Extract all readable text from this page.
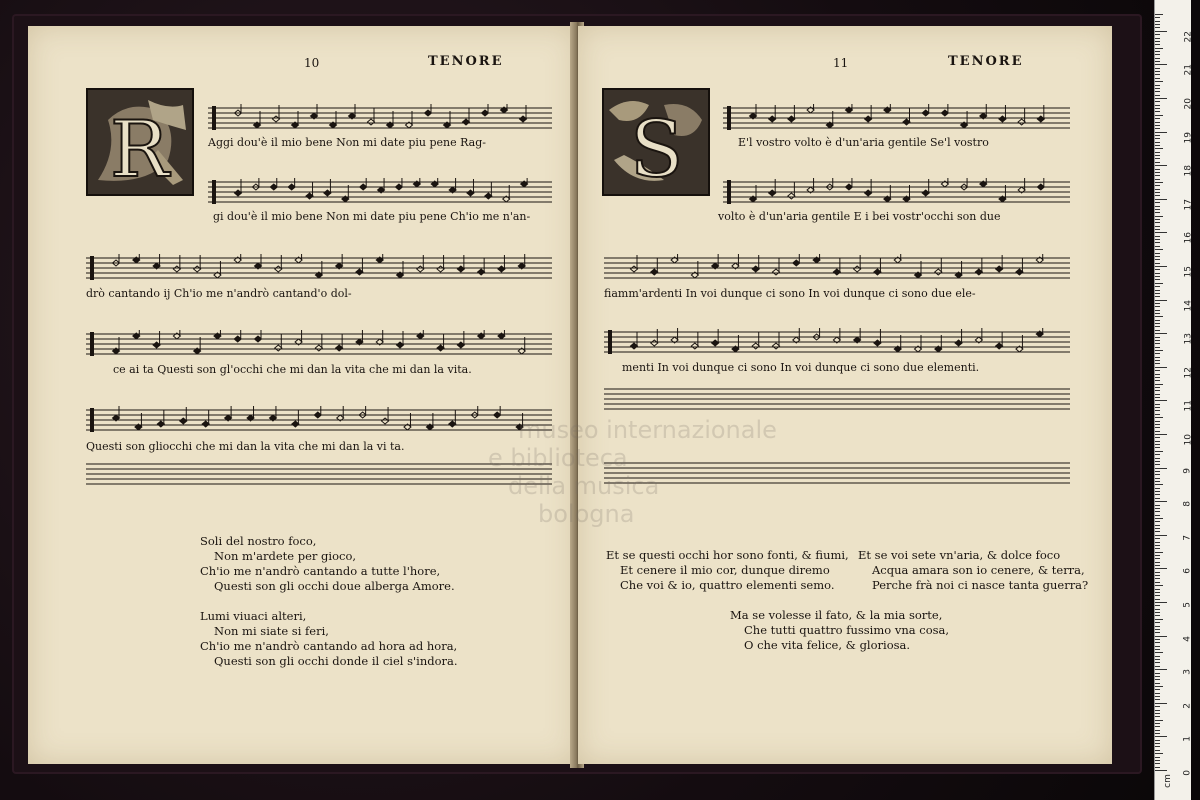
10	TENORE
R	Aggi dou'è il mio bene Non mi date piu pene Rag-
gi dou'è il mio bene Non mi date piu pene Ch'io me n'an-
drò cantando ij Ch'io me n'andrò cantand'o dol-
ce ai ta Questi son gl'occhi che mi dan la vita che mi dan la vita.
Questi son gliocchi che mi dan la vita che mi dan la vi ta.
Soli del nostro foco,
Non m'ardete per gioco,
Ch'io me n'andrò cantando a tutte l'hore,
Questi son gli occhi doue alberga Amore.
Lumi viuaci alteri,
Non mi siate si feri,
Ch'io me n'andrò cantando ad hora ad hora,
Questi son gli occhi donde il ciel s'indora.
11	TENORE
S	E'l vostro volto è d'un'aria gentile Se'l vostro
volto è d'un'aria gentile E i bei vostr'occhi son due
fiamm'ardenti In voi dunque ci sono In voi dunque ci sono due ele-
menti In voi dunque ci sono In voi dunque ci sono due elementi.
Et se questi occhi hor sono fonti, & fiumi,
Et cenere il mio cor, dunque diremo
Che voi & io, quattro elementi semo.
Et se voi sete vn'aria, & dolce foco
Acqua amara son io cenere, & terra,
Perche frà noi ci nasce tanta guerra?
Ma se volesse il fato, & la mia sorte,
Che tutti quattro fussimo vna cosa,
O che vita felice, & gloriosa.
museo internazionale
e biblioteca
della musica
bologna
cm
0
1
2
3
4
5
6
7
8
9
10
11
12
13
14
15
16
17
18
19
20
21
22
